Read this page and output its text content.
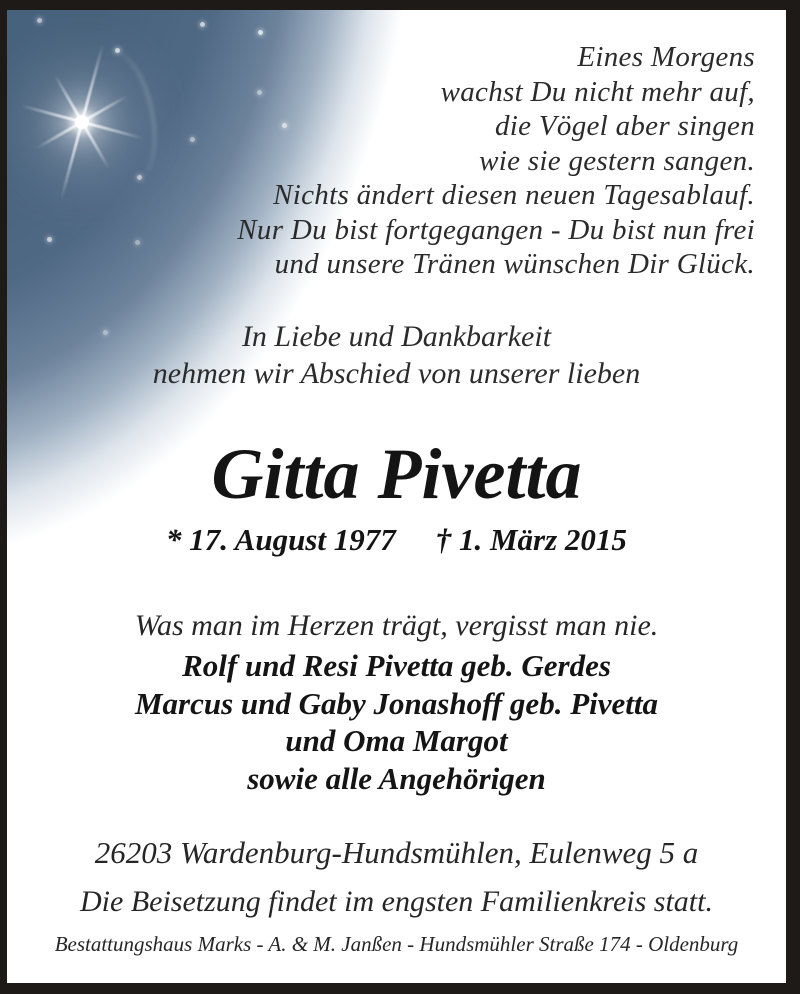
Eines Morgens
wachst Du nicht mehr auf,
die Vögel aber singen
wie sie gestern sangen.
Nichts ändert diesen neuen Tagesablauf.
Nur Du bist fortgegangen - Du bist nun frei
und unsere Tränen wünschen Dir Glück.
In Liebe und Dankbarkeit
nehmen wir Abschied von unserer lieben
Gitta Pivetta
* 17. August 1977 † 1. März 2015
Was man im Herzen trägt, vergisst man nie.
Rolf und Resi Pivetta geb. Gerdes
Marcus und Gaby Jonashoff geb. Pivetta
und Oma Margot
sowie alle Angehörigen
26203 Wardenburg-Hundsmühlen, Eulenweg 5 a
Die Beisetzung findet im engsten Familienkreis statt.
Bestattungshaus Marks - A. & M. Janßen - Hundsmühler Straße 174 - Oldenburg
